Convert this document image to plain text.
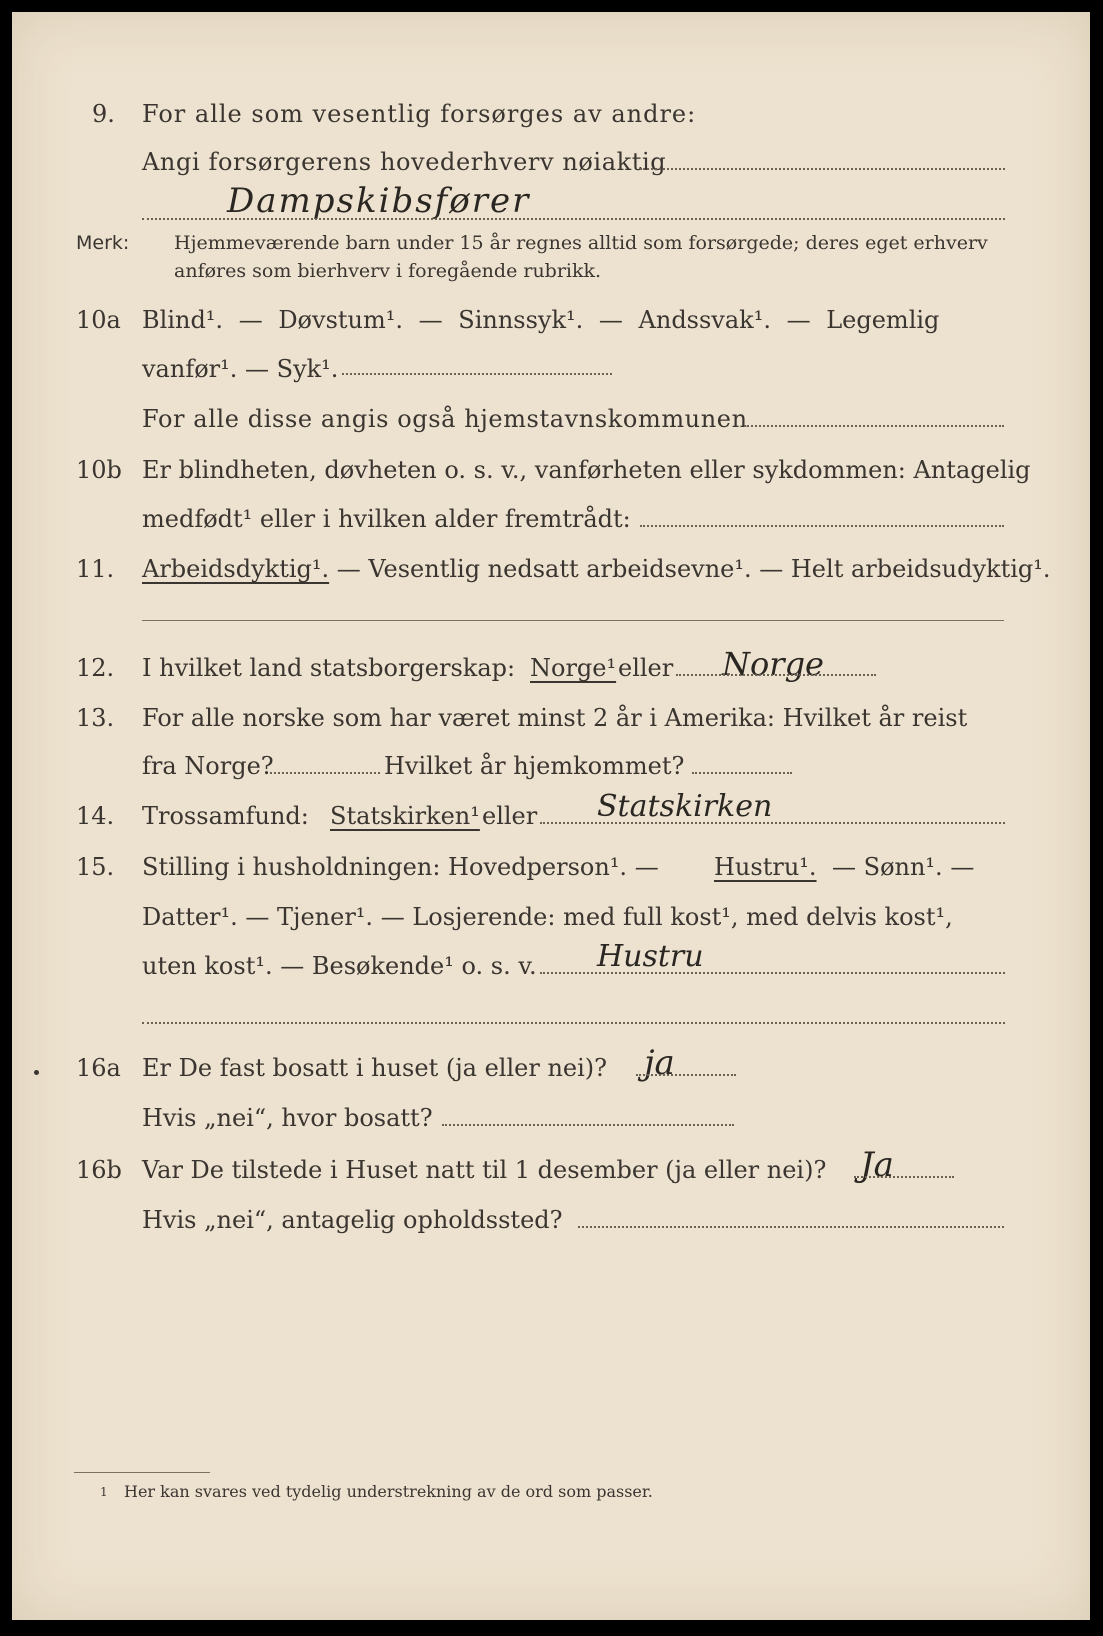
9. For alle som vesentlig forsørges av andre:
Angi forsørgerens hovederhverv nøiaktig
Dampskibsfører
Merk: Hjemmeværende barn under 15 år regnes alltid som forsørgede; deres eget erhverv
anføres som bierhverv i foregående rubrikk.
10a Blind¹. — Døvstum¹. — Sinnssyk¹. — Andssvak¹. — Legemlig
vanfør¹. — Syk¹.
For alle disse angis også hjemstavnskommunen
10b Er blindheten, døvheten o. s. v., vanførheten eller sykdommen: Antagelig
medfødt¹ eller i hvilken alder fremtrådt:
11. Arbeidsdyktig¹. — Vesentlig nedsatt arbeidsevne¹. — Helt arbeidsudyktig¹.
12. I hvilket land statsborgerskap: Norge¹ eller Norge
13. For alle norske som har været minst 2 år i Amerika: Hvilket år reist
fra Norge?	Hvilket år hjemkommet?
14. Trossamfund: Statskirken¹ eller Statskirken
15. Stilling i husholdningen: Hovedperson¹. — Hustru¹. — Sønn¹. —
Datter¹. — Tjener¹. — Losjerende: med full kost¹, med delvis kost¹,
uten kost¹. — Besøkende¹ o. s. v. Hustru
16a Er De fast bosatt i huset (ja eller nei)? ja
Hvis „nei“, hvor bosatt?
16b Var De tilstede i Huset natt til 1 desember (ja eller nei)? Ja
Hvis „nei“, antagelig opholdssted?
1 Her kan svares ved tydelig understrekning av de ord som passer.
